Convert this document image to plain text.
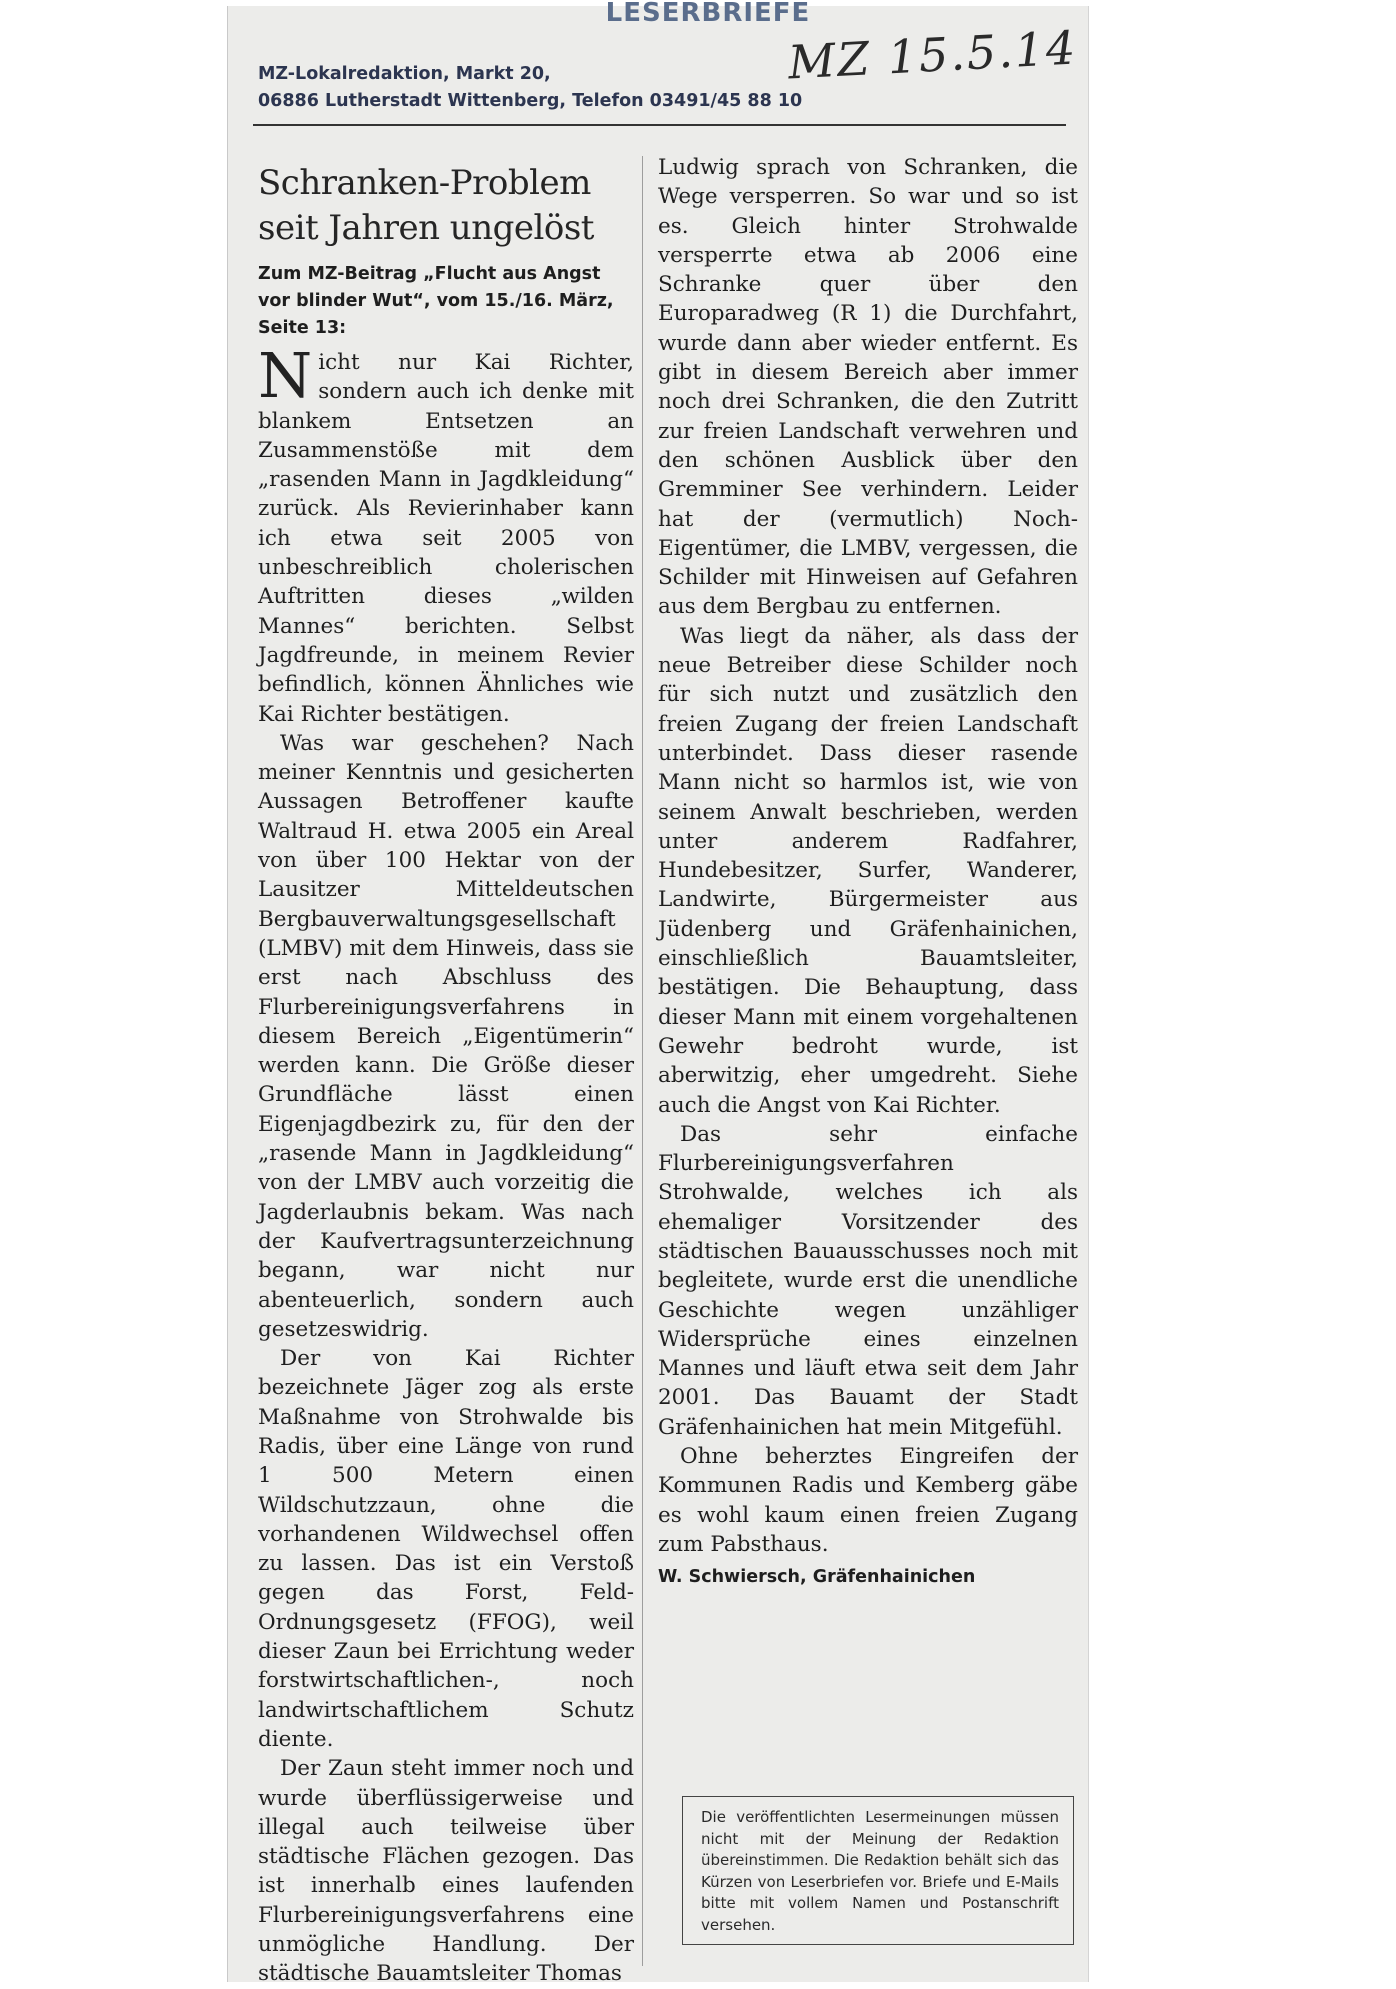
LESERBRIEFE
MZ-Lokalredaktion, Markt 20,
06886 Lutherstadt Wittenberg, Telefon 03491/45 88 10
MZ 15.5.14
Schranken-Problem
seit Jahren ungelöst
Zum MZ-Beitrag „Flucht aus Angst vor blinder Wut“, vom 15./16. März, Seite 13:

Nicht nur Kai Richter, sondern auch ich denke mit blankem Entsetzen an Zusammenstöße mit dem „rasenden Mann in Jagdkleidung“ zurück. Als Revierinhaber kann ich etwa seit 2005 von unbeschreiblich cholerischen Auftritten dieses „wilden Mannes“ berichten. Selbst Jagdfreunde, in meinem Revier befindlich, können Ähnliches wie Kai Richter bestätigen.

Was war geschehen? Nach meiner Kenntnis und gesicherten Aussagen Betroffener kaufte Waltraud H. etwa 2005 ein Areal von über 100 Hektar von der Lausitzer Mitteldeutschen Bergbauverwaltungsgesellschaft (LMBV) mit dem Hinweis, dass sie erst nach Abschluss des Flurbereinigungsverfahrens in diesem Bereich „Eigentümerin“ werden kann. Die Größe dieser Grundfläche lässt einen Eigenjagdbezirk zu, für den der „rasende Mann in Jagdkleidung“ von der LMBV auch vorzeitig die Jagderlaubnis bekam. Was nach der Kaufvertragsunterzeichnung begann, war nicht nur abenteuerlich, sondern auch gesetzeswidrig.

Der von Kai Richter bezeichnete Jäger zog als erste Maßnahme von Strohwalde bis Radis, über eine Länge von rund 1 500 Metern einen Wildschutzzaun, ohne die vorhandenen Wildwechsel offen zu lassen. Das ist ein Verstoß gegen das Forst, Feld-Ordnungsgesetz (FFOG), weil dieser Zaun bei Errichtung weder forstwirtschaftlichen-, noch landwirtschaftlichem Schutz diente.

Der Zaun steht immer noch und wurde überflüssigerweise und illegal auch teilweise über städtische Flächen gezogen. Das ist innerhalb eines laufenden Flurbereinigungsverfahrens eine unmögliche Handlung. Der städtische Bauamtsleiter Thomas

Ludwig sprach von Schranken, die Wege versperren. So war und so ist es. Gleich hinter Strohwalde versperrte etwa ab 2006 eine Schranke quer über den Europaradweg (R 1) die Durchfahrt, wurde dann aber wieder entfernt. Es gibt in diesem Bereich aber immer noch drei Schranken, die den Zutritt zur freien Landschaft verwehren und den schönen Ausblick über den Gremminer See verhindern. Leider hat der (vermutlich) Noch-Eigentümer, die LMBV, vergessen, die Schilder mit Hinweisen auf Gefahren aus dem Bergbau zu entfernen.

Was liegt da näher, als dass der neue Betreiber diese Schilder noch für sich nutzt und zusätzlich den freien Zugang der freien Landschaft unterbindet. Dass dieser rasende Mann nicht so harmlos ist, wie von seinem Anwalt beschrieben, werden unter anderem Radfahrer, Hundebesitzer, Surfer, Wanderer, Landwirte, Bürgermeister aus Jüdenberg und Gräfenhainichen, einschließlich Bauamtsleiter, bestätigen. Die Behauptung, dass dieser Mann mit einem vorgehaltenen Gewehr bedroht wurde, ist aberwitzig, eher umgedreht. Siehe auch die Angst von Kai Richter.

Das sehr einfache Flurbereinigungsverfahren Strohwalde, welches ich als ehemaliger Vorsitzender des städtischen Bauausschusses noch mit begleitete, wurde erst die unendliche Geschichte wegen unzähliger Widersprüche eines einzelnen Mannes und läuft etwa seit dem Jahr 2001. Das Bauamt der Stadt Gräfenhainichen hat mein Mitgefühl.

Ohne beherztes Eingreifen der Kommunen Radis und Kemberg gäbe es wohl kaum einen freien Zugang zum Pabsthaus.

W. Schwiersch, Gräfenhainichen
Die veröffentlichten Lesermeinungen müssen nicht mit der Meinung der Redaktion übereinstimmen. Die Redaktion behält sich das Kürzen von Leserbriefen vor. Briefe und E-Mails bitte mit vollem Namen und Postanschrift versehen.
